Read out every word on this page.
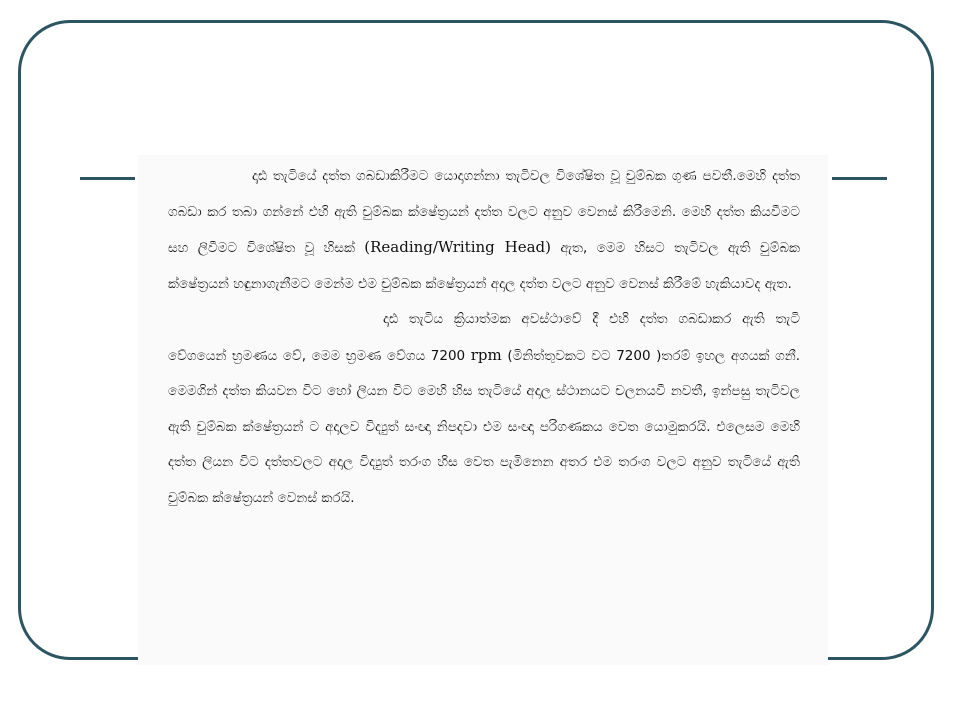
දෘඪ තැටියේ දත්ත ගබඩාකිරීමට යොදාගන්නා තැටිවල විශේෂිත වූ චුම්බක ගුණ පවතී.මෙහි දත්ත ගබඩා කර තබා ගන්නේ එහි ඇති චුම්බක ක්ෂේත්‍රයන් දත්ත වලට අනුව වෙනස් කිරීමෙනි. මෙහි දත්ත කියවීමට සහ ලිවීමට විශේෂිත වූ හිසක් (Reading/Writing Head) ඇත, මෙම හිසට තැටිවල ඇති චුම්බක ක්ෂේත්‍රයන් හඳුනාගැනීමට මෙන්ම එම චුම්බක ක්ෂේත්‍රයන් අදාල දත්ත වලට අනුව වෙනස් කිරීමේ හැකියාවද ඇත.

දෘඪ තැටිය ක්‍රියාත්මක අවස්ථාවේ දී එහි දත්ත ගබඩාකර ඇති තැටි වේගයෙන් භ්‍රමණය වේ, මෙම භ්‍රමණ වේගය 7200 rpm (මිනිත්තුවකට වට 7200 )තරම් ඉහල අගයක් ගනී. මෙමගින් දත්ත කියවන විට හෝ ලියන විට මෙහි හිස තැටියේ අදාල ස්ථානයට චලනයවී නවතී, ඉන්පසු තැටිවල ඇති චුම්බක ක්ෂේත්‍රයන් ට අදාලව විද්‍යුත් සංඥා නිපදවා එම සංඥා පරිගණකය වෙත යොමුකරයි. එලෙසම මෙහි දත්ත ලියන විට දත්තවලට අදාල විද්‍යුත් තරංග හිස වෙත පැමිනෙන අතර එම තරංග වලට අනුව තැටියේ ඇති චුම්බක ක්ෂේත්‍රයන් වෙනස් කරයි.
